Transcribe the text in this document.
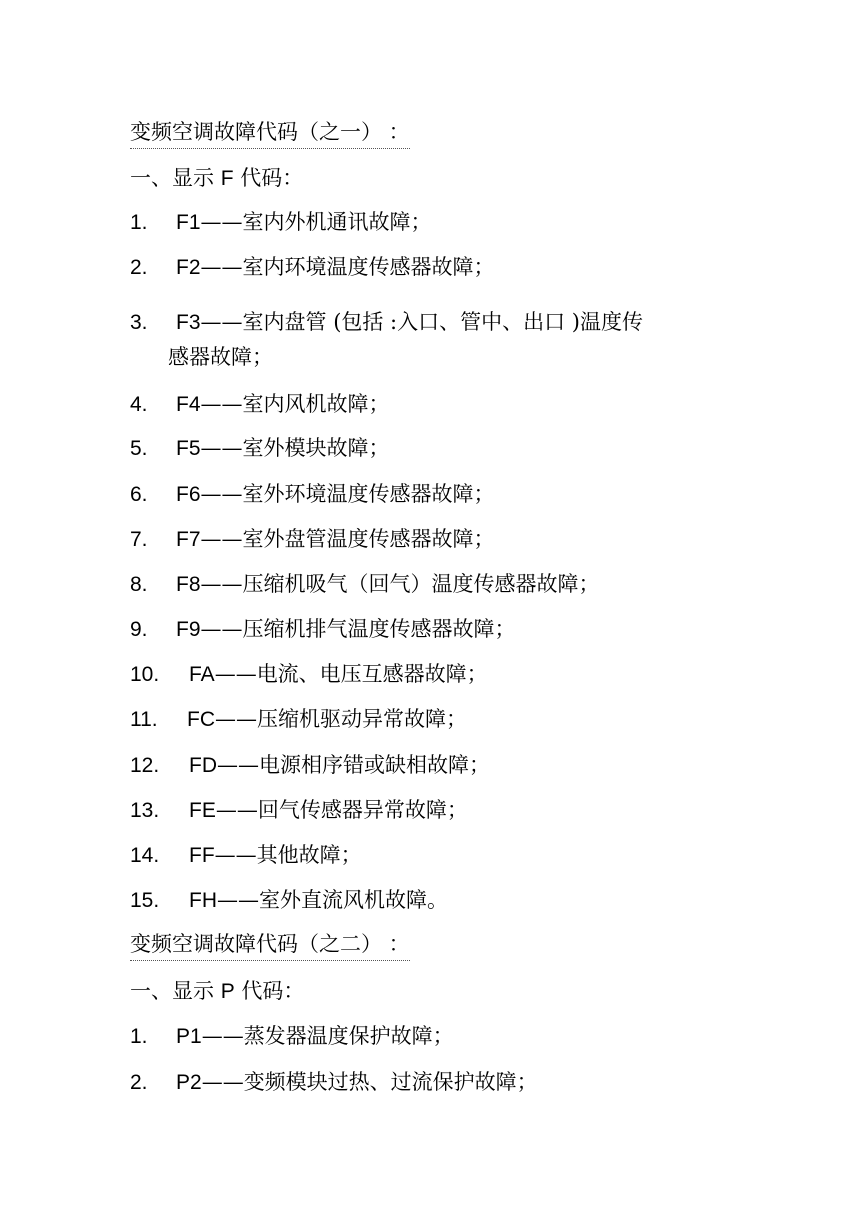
变频空调故障代码（之一） ：
一、显示 F 代码：
1. F1——室内外机通讯故障；
2. F2——室内环境温度传感器故障；
3. F3——室内盘管 (包括 :入口、管中、出口 )温度传
感器故障；
4. F4——室内风机故障；
5. F5——室外模块故障；
6. F6——室外环境温度传感器故障；
7. F7——室外盘管温度传感器故障；
8. F8——压缩机吸气（回气）温度传感器故障；
9. F9——压缩机排气温度传感器故障；
10. FA——电流、电压互感器故障；
11. FC——压缩机驱动异常故障；
12. FD——电源相序错或缺相故障；
13. FE——回气传感器异常故障；
14. FF——其他故障；
15. FH——室外直流风机故障。
变频空调故障代码（之二） ：
一、显示 P 代码：
1. P1——蒸发器温度保护故障；
2. P2——变频模块过热、过流保护故障；
